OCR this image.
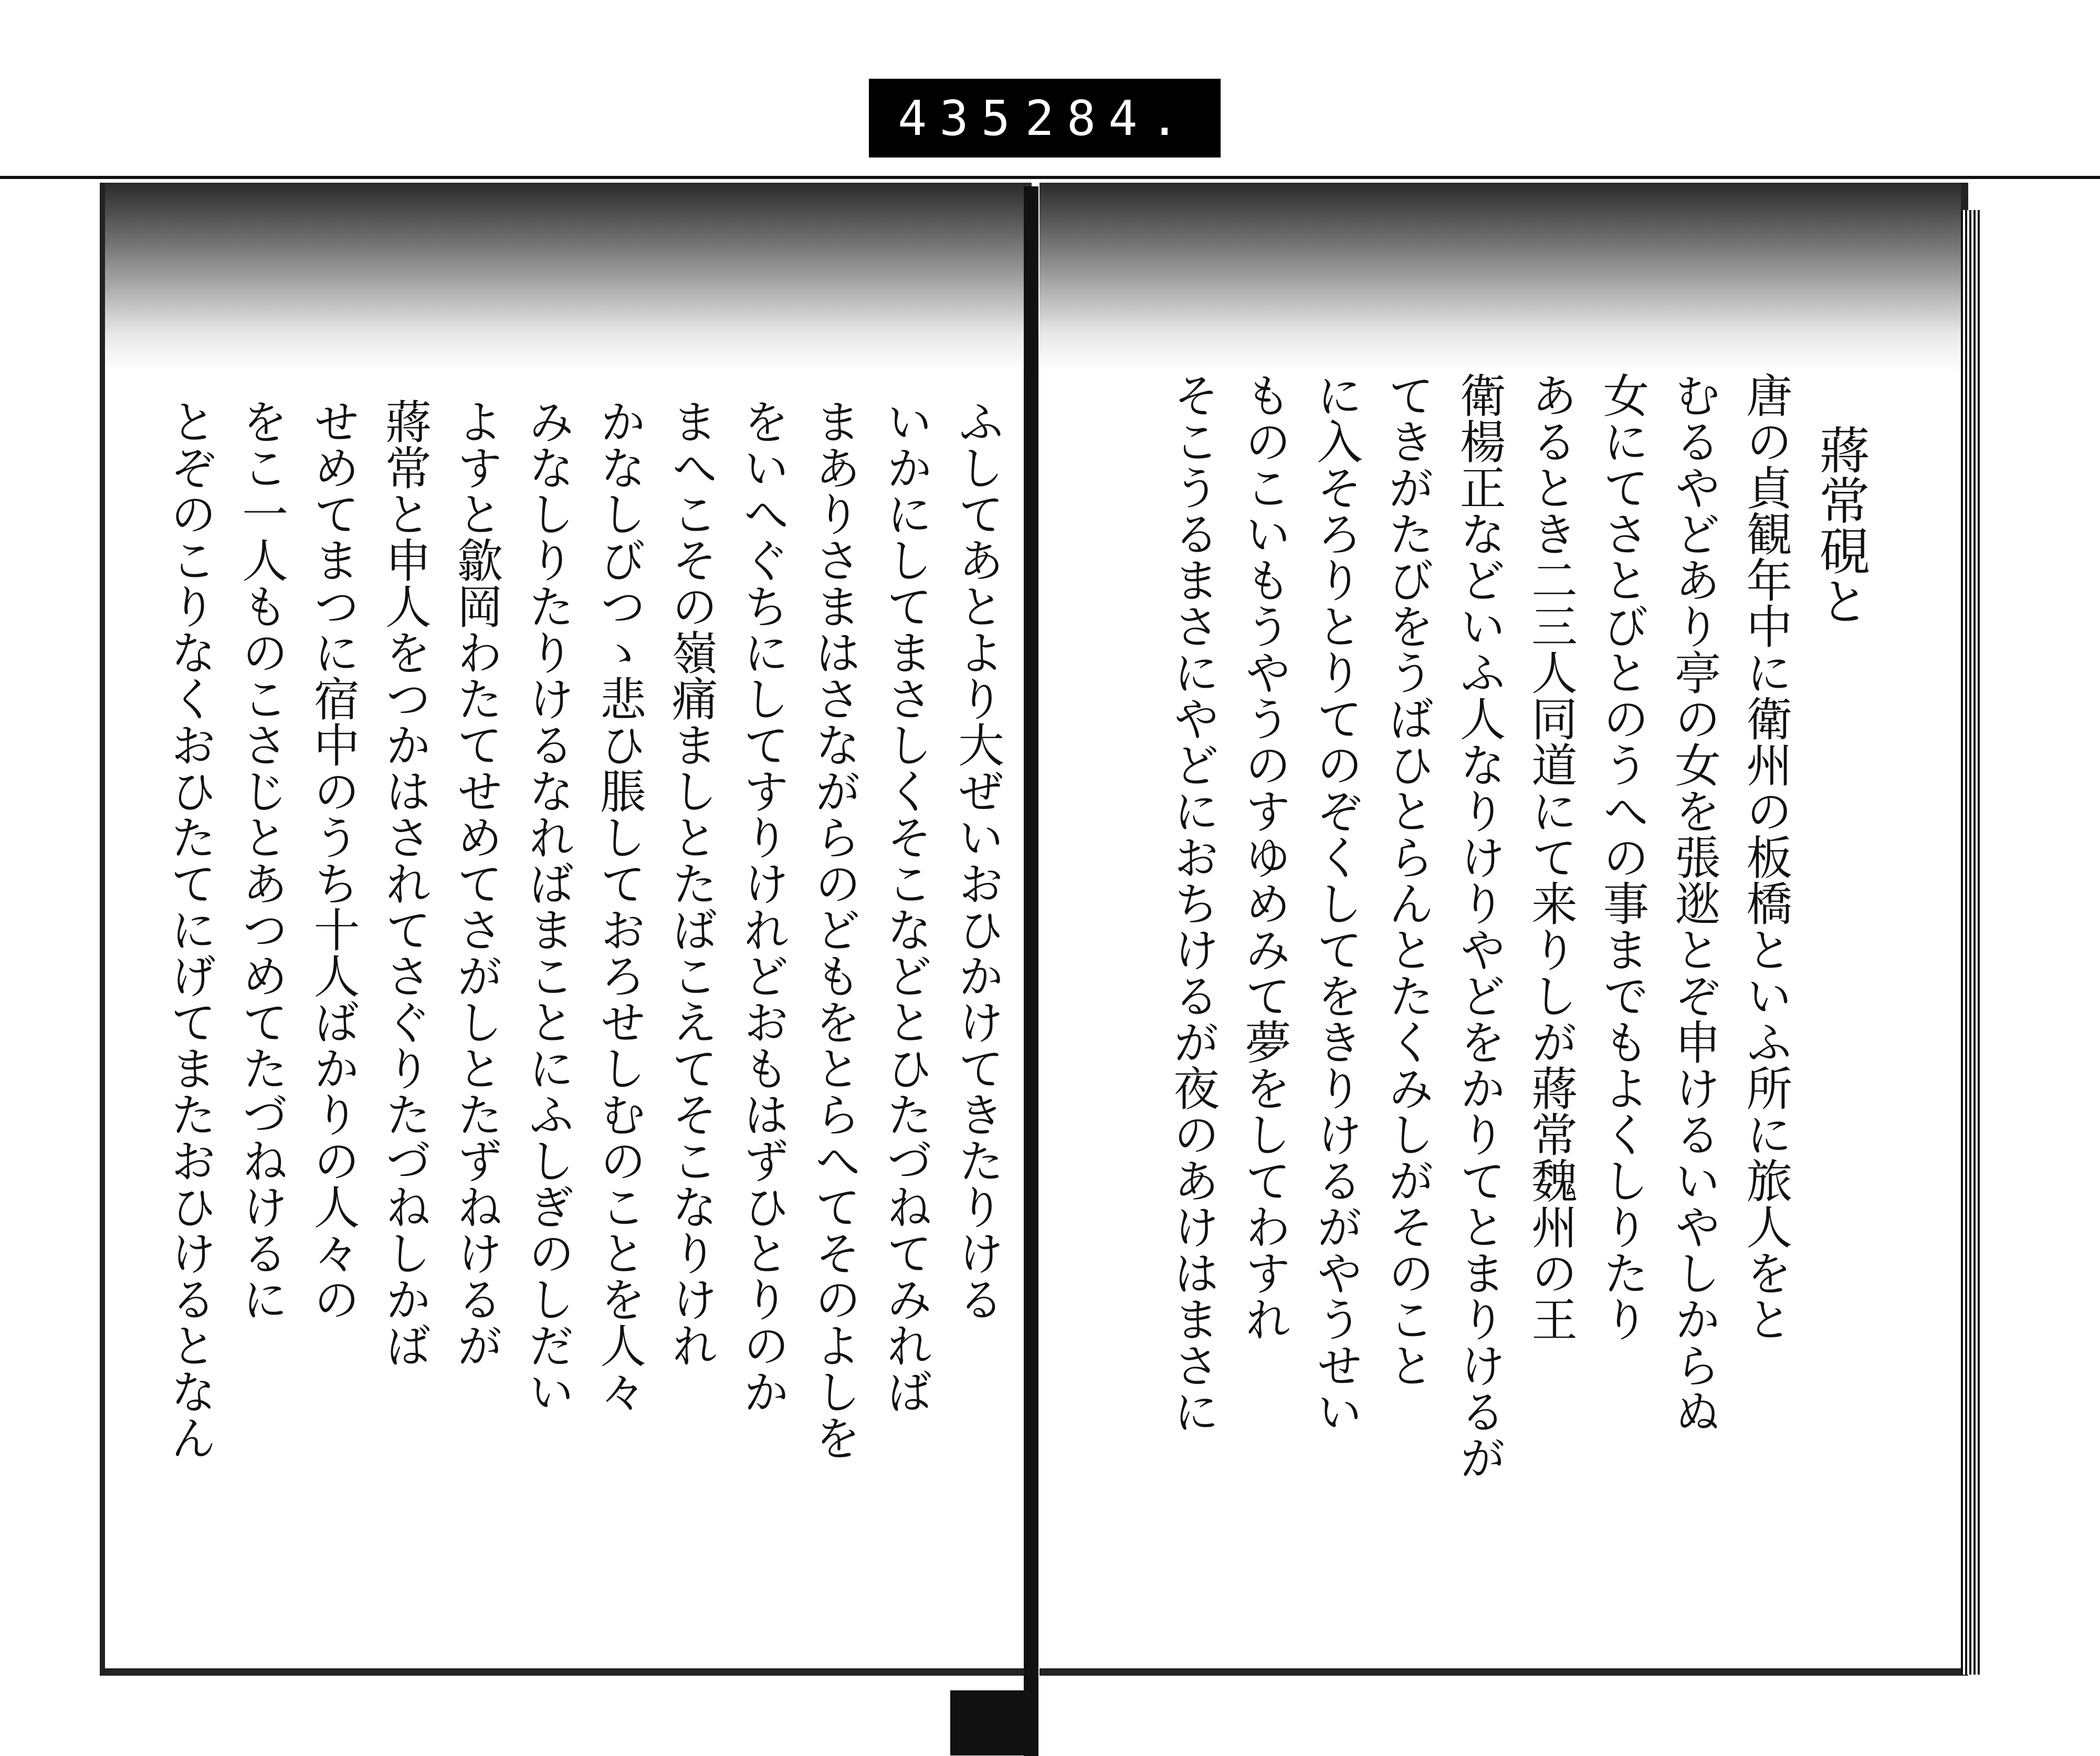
435 284.
ふしてあとより大ぜいおひかけてきたりける
いかにしてまさしくそこなどとひたづねてみれば
まありさまはさながらのどもをとらへてそのよしを
をいへぐちにしてすりけれどおもはずひとりのか
まへこその嶺痛ましとたばこえてそこなりけれ
かなしびつゝ悲ひ脹しておろせしむのことを人々
みなしりたりけるなればまことにふしぎのしだい
よすと歙岡わたてせめてさがしとたずねけるが
蔣常と申人をつかはされてさぐりたづねしかば
せめてまつに宿中のうち十人ばかりの人々の
をこ一人ものこさじとあつめてたづねけるに
とぞのこりなくおひたてにげてまたおひけるとなん	蔣常硯と
唐の貞観年中に衛州の板橋といふ所に旅人をと
むるやどあり亭の女を張逖とぞ申けるいやしからぬ
女にてさとびとのうへの事までもよくしりたり
あるとき二三人同道にて来りしが蔣常魏州の王
衛楊正などいふ人なりけりやどをかりてとまりけるが
てきがたびをうばひとらんとたくみしがそのこと
に入そろりとりてのぞくしてをきりけるがやうせい
ものこいもうやうのすゆめみて夢をしてわすれ
そこうるまさにやどにおちけるが夜のあけはまさに
